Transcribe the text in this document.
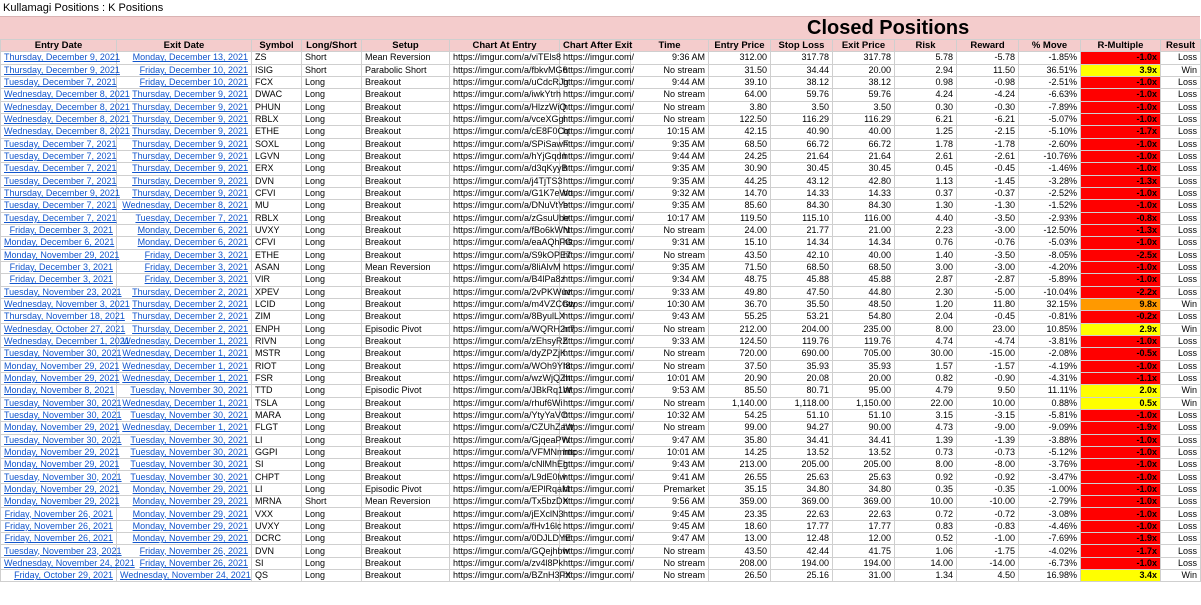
Kullamagi Positions : K Positions
Closed Positions
Entry Date	Exit Date	Symbol	Long/Short	Setup	Chart At Entry	Chart After Exit	Time	Entry Price	Stop Loss	Exit Price	Risk	Reward	% Move	R-Multiple	Result
Thursday, December 9, 2021	Monday, December 13, 2021	ZS	Short	Mean Reversion	https://imgur.com/a/viTEls8	https://imgur.com/	9:36 AM	312.00	317.78	317.78	5.78	-5.78	-1.85%	-1.0x	Loss
Thursday, December 9, 2021	Friday, December 10, 2021	ISIG	Short	Parabolic Short	https://imgur.com/a/fbkvMG6	https://imgur.com/	No stream	31.50	34.44	20.00	2.94	11.50	36.51%	3.9x	Win
Tuesday, December 7, 2021	Friday, December 10, 2021	FCX	Long	Breakout	https://imgur.com/a/uCdcRJg	https://imgur.com/	9:44 AM	39.10	38.12	38.12	0.98	-0.98	-2.51%	-1.0x	Loss
Wednesday, December 8, 2021	Thursday, December 9, 2021	DWAC	Long	Breakout	https://imgur.com/a/iwkYtrh	https://imgur.com/	No stream	64.00	59.76	59.76	4.24	-4.24	-6.63%	-1.0x	Loss
Wednesday, December 8, 2021	Thursday, December 9, 2021	PHUN	Long	Breakout	https://imgur.com/a/HlzzWiQ	https://imgur.com/	No stream	3.80	3.50	3.50	0.30	-0.30	-7.89%	-1.0x	Loss
Wednesday, December 8, 2021	Thursday, December 9, 2021	RBLX	Long	Breakout	https://imgur.com/a/vceXGgi	https://imgur.com/	No stream	122.50	116.29	116.29	6.21	-6.21	-5.07%	-1.0x	Loss
Wednesday, December 8, 2021	Thursday, December 9, 2021	ETHE	Long	Breakout	https://imgur.com/a/cE8F0Cq	https://imgur.com/	10:15 AM	42.15	40.90	40.00	1.25	-2.15	-5.10%	-1.7x	Loss
Tuesday, December 7, 2021	Thursday, December 9, 2021	SOXL	Long	Breakout	https://imgur.com/a/SPiSawF	https://imgur.com/	9:35 AM	68.50	66.72	66.72	1.78	-1.78	-2.60%	-1.0x	Loss
Tuesday, December 7, 2021	Thursday, December 9, 2021	LGVN	Long	Breakout	https://imgur.com/a/hYjGqdn	https://imgur.com/	9:44 AM	24.25	21.64	21.64	2.61	-2.61	-10.76%	-1.0x	Loss
Tuesday, December 7, 2021	Thursday, December 9, 2021	ERX	Long	Breakout	https://imgur.com/a/d3qKyyB	https://imgur.com/	9:35 AM	30.90	30.45	30.45	0.45	-0.45	-1.46%	-1.0x	Loss
Tuesday, December 7, 2021	Thursday, December 9, 2021	DVN	Long	Breakout	https://imgur.com/a/j4TjTS3	https://imgur.com/	9:35 AM	44.25	43.12	42.80	1.13	-1.45	-3.28%	-1.3x	Loss
Thursday, December 9, 2021	Thursday, December 9, 2021	CFVI	Long	Breakout	https://imgur.com/a/G1K7eWo	https://imgur.com/	9:32 AM	14.70	14.33	14.33	0.37	-0.37	-2.52%	-1.0x	Loss
Tuesday, December 7, 2021	Wednesday, December 8, 2021	MU	Long	Breakout	https://imgur.com/a/DNuVtYe	https://imgur.com/	9:35 AM	85.60	84.30	84.30	1.30	-1.30	-1.52%	-1.0x	Loss
Tuesday, December 7, 2021	Tuesday, December 7, 2021	RBLX	Long	Breakout	https://imgur.com/a/zGsuUbe	https://imgur.com/	10:17 AM	119.50	115.10	116.00	4.40	-3.50	-2.93%	-0.8x	Loss
Friday, December 3, 2021	Monday, December 6, 2021	UVXY	Long	Breakout	https://imgur.com/a/fBo6kWN	https://imgur.com/	No stream	24.00	21.77	21.00	2.23	-3.00	-12.50%	-1.3x	Loss
Monday, December 6, 2021	Monday, December 6, 2021	CFVI	Long	Breakout	https://imgur.com/a/eaAQhFG	https://imgur.com/	9:31 AM	15.10	14.34	14.34	0.76	-0.76	-5.03%	-1.0x	Loss
Monday, November 29, 2021	Friday, December 3, 2021	ETHE	Long	Breakout	https://imgur.com/a/S9kOPE7	https://imgur.com/	No stream	43.50	42.10	40.00	1.40	-3.50	-8.05%	-2.5x	Loss
Friday, December 3, 2021	Friday, December 3, 2021	ASAN	Long	Mean Reversion	https://imgur.com/a/8liAlvM	https://imgur.com/	9:35 AM	71.50	68.50	68.50	3.00	-3.00	-4.20%	-1.0x	Loss
Friday, December 3, 2021	Friday, December 3, 2021	VIR	Long	Breakout	https://imgur.com/a/B4lPa8z	https://imgur.com/	9:34 AM	48.75	45.88	45.88	2.87	-2.87	-5.89%	-1.0x	Loss
Tuesday, November 23, 2021	Thursday, December 2, 2021	XPEV	Long	Breakout	https://imgur.com/a/2vPKWuv	https://imgur.com/	9:33 AM	49.80	47.50	44.80	2.30	-5.00	-10.04%	-2.2x	Loss
Wednesday, November 3, 2021	Thursday, December 2, 2021	LCID	Long	Breakout	https://imgur.com/a/m4VZCGw	https://imgur.com/	10:30 AM	36.70	35.50	48.50	1.20	11.80	32.15%	9.8x	Win
Thursday, November 18, 2021	Thursday, December 2, 2021	ZIM	Long	Breakout	https://imgur.com/a/8ByulLX	https://imgur.com/	9:43 AM	55.25	53.21	54.80	2.04	-0.45	-0.81%	-0.2x	Loss
Wednesday, October 27, 2021	Thursday, December 2, 2021	ENPH	Long	Episodic Pivot	https://imgur.com/a/WQRH2n7	https://imgur.com/	No stream	212.00	204.00	235.00	8.00	23.00	10.85%	2.9x	Win
Wednesday, December 1, 2021	Wednesday, December 1, 2021	RIVN	Long	Breakout	https://imgur.com/a/zEhsyRZ	https://imgur.com/	9:33 AM	124.50	119.76	119.76	4.74	-4.74	-3.81%	-1.0x	Loss
Tuesday, November 30, 2021	Wednesday, December 1, 2021	MSTR	Long	Breakout	https://imgur.com/a/dyZPZjK	https://imgur.com/	No stream	720.00	690.00	705.00	30.00	-15.00	-2.08%	-0.5x	Loss
Monday, November 29, 2021	Wednesday, December 1, 2021	RIOT	Long	Breakout	https://imgur.com/a/WOh9YI8	https://imgur.com/	No stream	37.50	35.93	35.93	1.57	-1.57	-4.19%	-1.0x	Loss
Monday, November 29, 2021	Wednesday, December 1, 2021	FSR	Long	Breakout	https://imgur.com/a/wzWjQZh	https://imgur.com/	10:01 AM	20.90	20.08	20.00	0.82	-0.90	-4.31%	-1.1x	Loss
Monday, November 8, 2021	Tuesday, November 30, 2021	TTD	Long	Episodic Pivot	https://imgur.com/a/JBkRq1W	https://imgur.com/	9:53 AM	85.50	80.71	95.00	4.79	9.50	11.11%	2.0x	Win
Tuesday, November 30, 2021	Wednesday, December 1, 2021	TSLA	Long	Breakout	https://imgur.com/a/rhuf6Wi	https://imgur.com/	No stream	1,140.00	1,118.00	1,150.00	22.00	10.00	0.88%	0.5x	Win
Tuesday, November 30, 2021	Tuesday, November 30, 2021	MARA	Long	Breakout	https://imgur.com/a/YtyYaVO	https://imgur.com/	10:32 AM	54.25	51.10	51.10	3.15	-3.15	-5.81%	-1.0x	Loss
Monday, November 29, 2021	Wednesday, December 1, 2021	FLGT	Long	Breakout	https://imgur.com/a/CZUhZaW	https://imgur.com/	No stream	99.00	94.27	90.00	4.73	-9.00	-9.09%	-1.9x	Loss
Tuesday, November 30, 2021	Tuesday, November 30, 2021	LI	Long	Breakout	https://imgur.com/a/GjqeaPW	https://imgur.com/	9:47 AM	35.80	34.41	34.41	1.39	-1.39	-3.88%	-1.0x	Loss
Monday, November 29, 2021	Tuesday, November 30, 2021	GGPI	Long	Breakout	https://imgur.com/a/VFMNmmc	https://imgur.com/	10:01 AM	14.25	13.52	13.52	0.73	-0.73	-5.12%	-1.0x	Loss
Monday, November 29, 2021	Tuesday, November 30, 2021	SI	Long	Breakout	https://imgur.com/a/cNlMhEg	https://imgur.com/	9:43 AM	213.00	205.00	205.00	8.00	-8.00	-3.76%	-1.0x	Loss
Tuesday, November 30, 2021	Tuesday, November 30, 2021	CHPT	Long	Breakout	https://imgur.com/a/L9dE0lw	https://imgur.com/	9:41 AM	26.55	25.63	25.63	0.92	-0.92	-3.47%	-1.0x	Loss
Monday, November 29, 2021	Monday, November 29, 2021	LI	Long	Episodic Pivot	https://imgur.com/a/EPlRqaM	https://imgur.com/	Premarket	35.15	34.80	34.80	0.35	-0.35	-1.00%	-1.0x	Loss
Monday, November 29, 2021	Monday, November 29, 2021	MRNA	Short	Mean Reversion	https://imgur.com/a/Tx5bzDX	https://imgur.com/	9:56 AM	359.00	369.00	369.00	10.00	-10.00	-2.79%	-1.0x	Loss
Friday, November 26, 2021	Monday, November 29, 2021	VXX	Long	Breakout	https://imgur.com/a/jEXclN3	https://imgur.com/	9:45 AM	23.35	22.63	22.63	0.72	-0.72	-3.08%	-1.0x	Loss
Friday, November 26, 2021	Monday, November 29, 2021	UVXY	Long	Breakout	https://imgur.com/a/fHv16lc	https://imgur.com/	9:45 AM	18.60	17.77	17.77	0.83	-0.83	-4.46%	-1.0x	Loss
Friday, November 26, 2021	Monday, November 29, 2021	DCRC	Long	Breakout	https://imgur.com/a/0DJLDYE	https://imgur.com/	9:47 AM	13.00	12.48	12.00	0.52	-1.00	-7.69%	-1.9x	Loss
Tuesday, November 23, 2021	Friday, November 26, 2021	DVN	Long	Breakout	https://imgur.com/a/GQejhbw	https://imgur.com/	No stream	43.50	42.44	41.75	1.06	-1.75	-4.02%	-1.7x	Loss
Wednesday, November 24, 2021	Friday, November 26, 2021	SI	Long	Breakout	https://imgur.com/a/zv4l8Pk	https://imgur.com/	No stream	208.00	194.00	194.00	14.00	-14.00	-6.73%	-1.0x	Loss
Friday, October 29, 2021	Wednesday, November 24, 2021	QS	Long	Breakout	https://imgur.com/a/BZnH3FX	https://imgur.com/	No stream	26.50	25.16	31.00	1.34	4.50	16.98%	3.4x	Win
